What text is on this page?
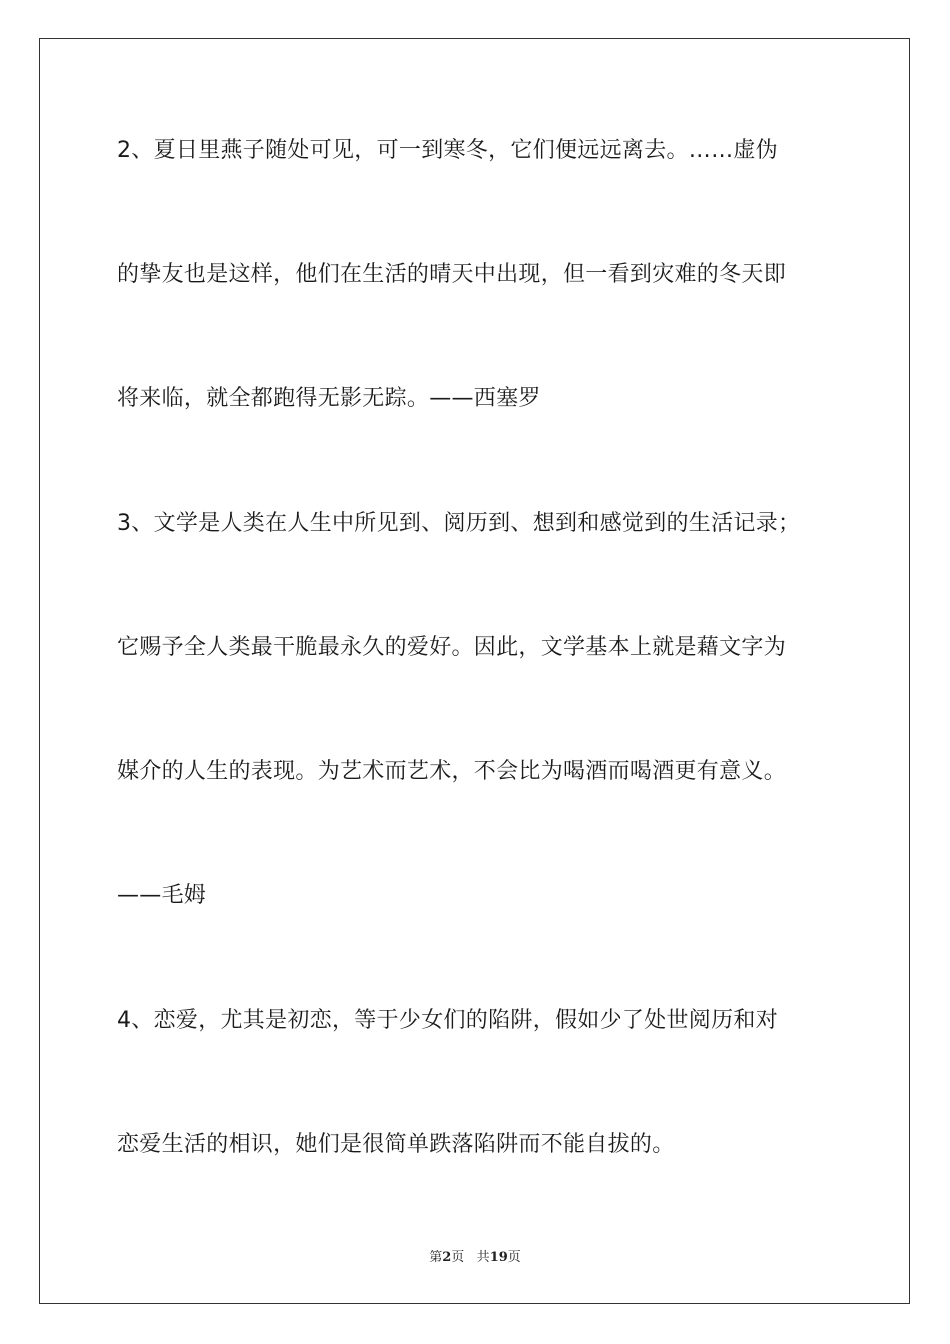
2、夏日里燕子随处可见，可一到寒冬，它们便远远离去。……虚伪
的挚友也是这样，他们在生活的晴天中出现，但一看到灾难的冬天即
将来临，就全都跑得无影无踪。——西塞罗
3、文学是人类在人生中所见到、阅历到、想到和感觉到的生活记录；
它赐予全人类最干脆最永久的爱好。因此，文学基本上就是藉文字为
媒介的人生的表现。为艺术而艺术，不会比为喝酒而喝酒更有意义。
——毛姆
4、恋爱，尤其是初恋，等于少女们的陷阱，假如少了处世阅历和对
恋爱生活的相识，她们是很简单跌落陷阱而不能自拔的。
第2页 共19页
